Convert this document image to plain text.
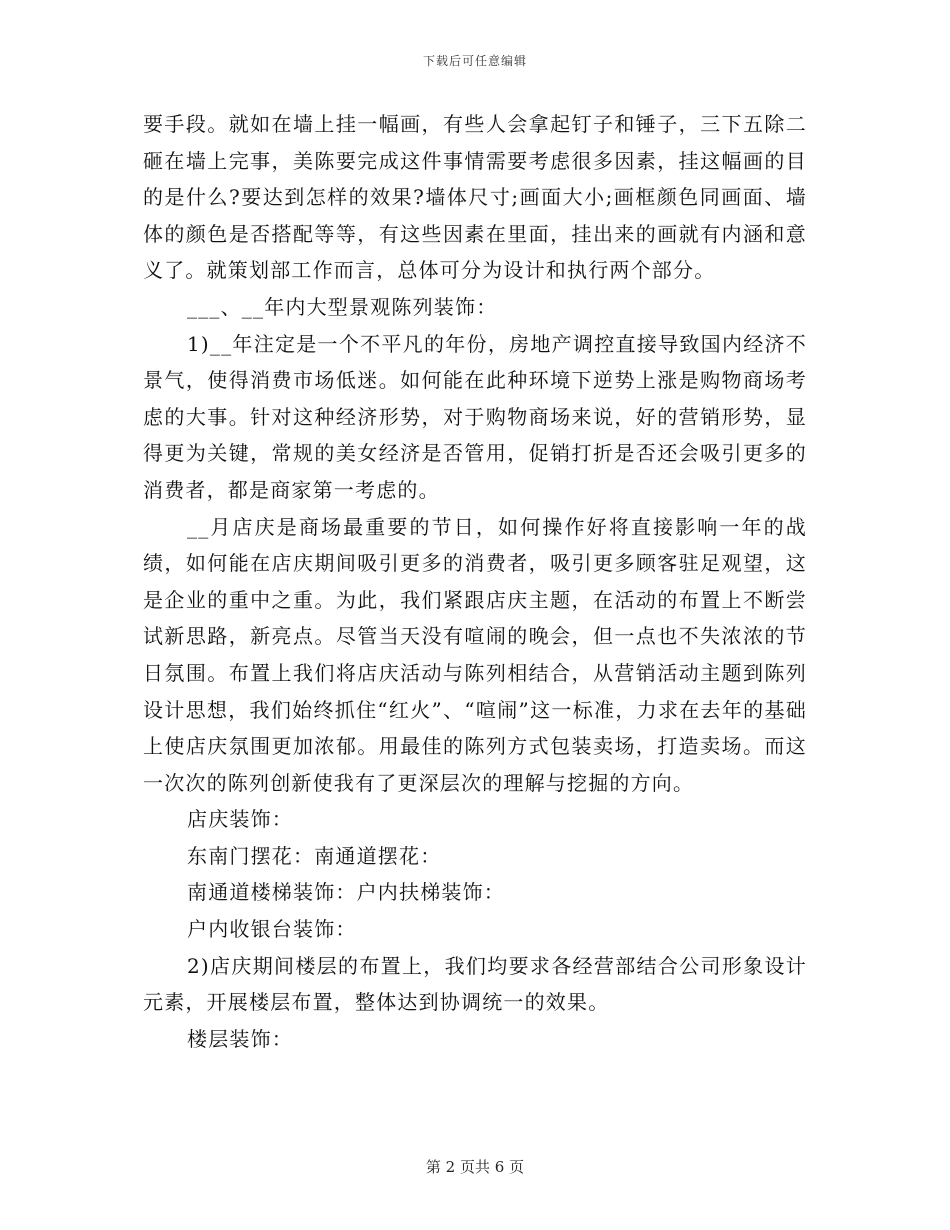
下载后可任意编辑

要手段。就如在墙上挂一幅画，有些人会拿起钉子和锤子，三下五除二砸在墙上完事，美陈要完成这件事情需要考虑很多因素，挂这幅画的目的是什么?要达到怎样的效果?墙体尺寸;画面大小;画框颜色同画面、墙体的颜色是否搭配等等，有这些因素在里面，挂出来的画就有内涵和意义了。就策划部工作而言，总体可分为设计和执行两个部分。

___、__年内大型景观陈列装饰：

1)__年注定是一个不平凡的年份，房地产调控直接导致国内经济不景气，使得消费市场低迷。如何能在此种环境下逆势上涨是购物商场考虑的大事。针对这种经济形势，对于购物商场来说，好的营销形势，显得更为关键，常规的美女经济是否管用，促销打折是否还会吸引更多的消费者，都是商家第一考虑的。

__月店庆是商场最重要的节日，如何操作好将直接影响一年的战绩，如何能在店庆期间吸引更多的消费者，吸引更多顾客驻足观望，这是企业的重中之重。为此，我们紧跟店庆主题，在活动的布置上不断尝试新思路，新亮点。尽管当天没有喧闹的晚会，但一点也不失浓浓的节日氛围。布置上我们将店庆活动与陈列相结合，从营销活动主题到陈列设计思想，我们始终抓住“红火”、“喧闹”这一标准，力求在去年的基础上使店庆氛围更加浓郁。用最佳的陈列方式包装卖场，打造卖场。而这一次次的陈列创新使我有了更深层次的理解与挖掘的方向。

店庆装饰：

东南门摆花：南通道摆花：

南通道楼梯装饰：户内扶梯装饰：

户内收银台装饰：

2)店庆期间楼层的布置上，我们均要求各经营部结合公司形象设计元素，开展楼层布置，整体达到协调统一的效果。

楼层装饰：

第 2 页共 6 页
